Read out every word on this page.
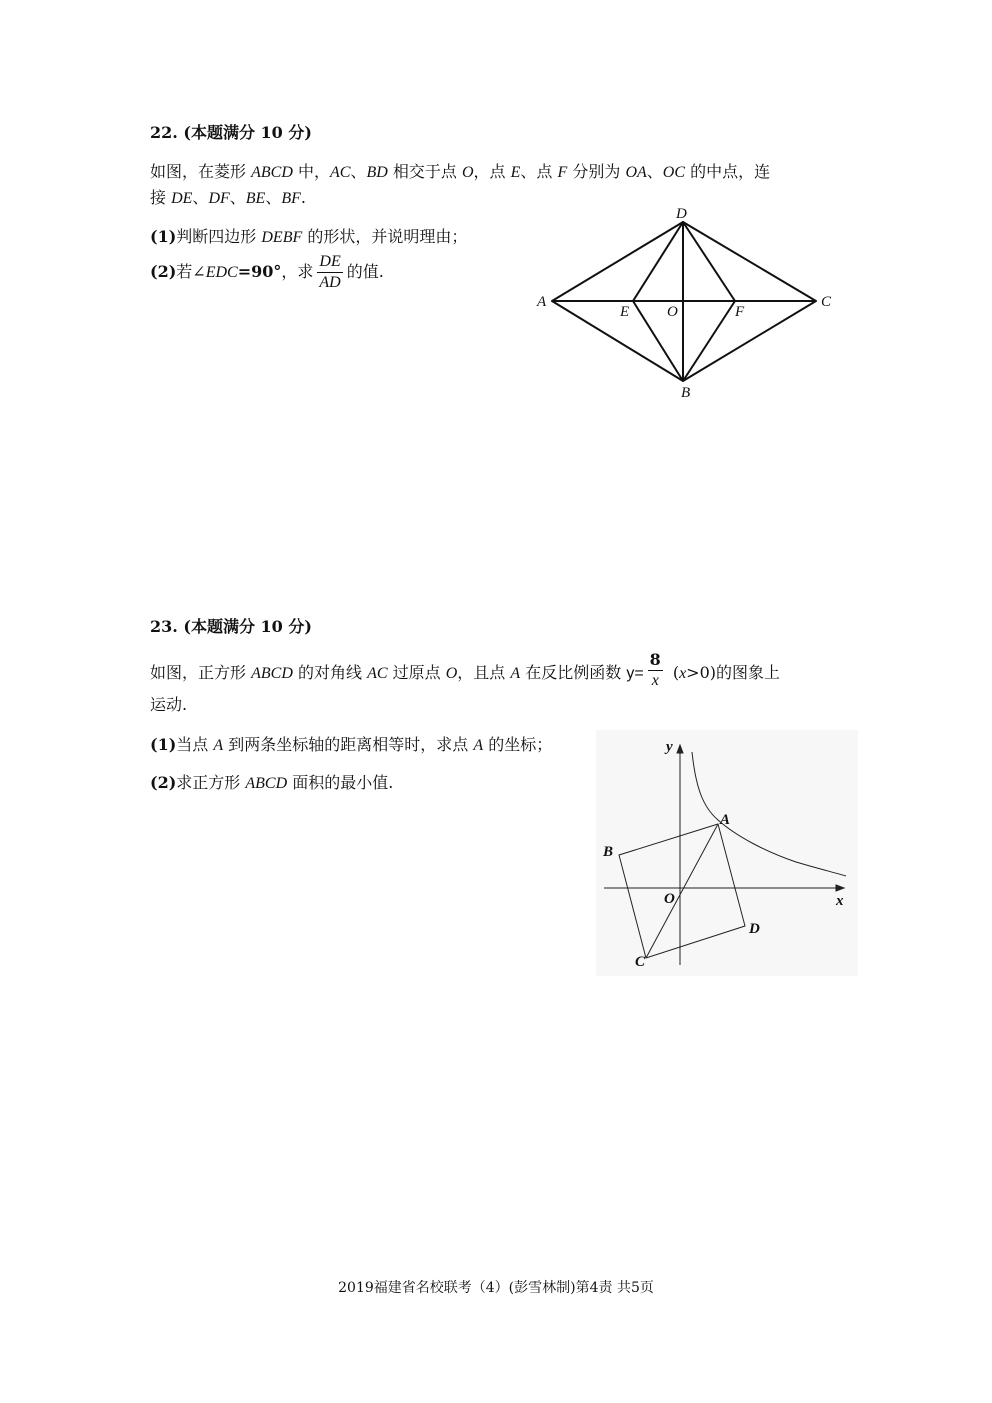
22. (本题满分 10 分)
如图，在菱形 ABCD 中，AC、BD 相交于点 O，点 E、点 F 分别为 OA、OC 的中点，连
接 DE、DF、BE、BF.
(1)判断四边形 DEBF 的形状，并说明理由；
(2)若∠EDC=90°，求 $\frac{DE}{AD}$ 的值.
D
A	C
E	O	F
B
23. (本题满分 10 分)
如图，正方形 ABCD 的对角线 AC 过原点 O，且点 A 在反比例函数 $y= \frac{8}{x} (x>0)$的图象上
运动.
(1)当点 A 到两条坐标轴的距离相等时，求点 A 的坐标；
(2)求正方形 ABCD 面积的最小值.
y
x
A
B
C
D
O
2019福建省名校联考（4）(彭雪林制)第4责 共5页
